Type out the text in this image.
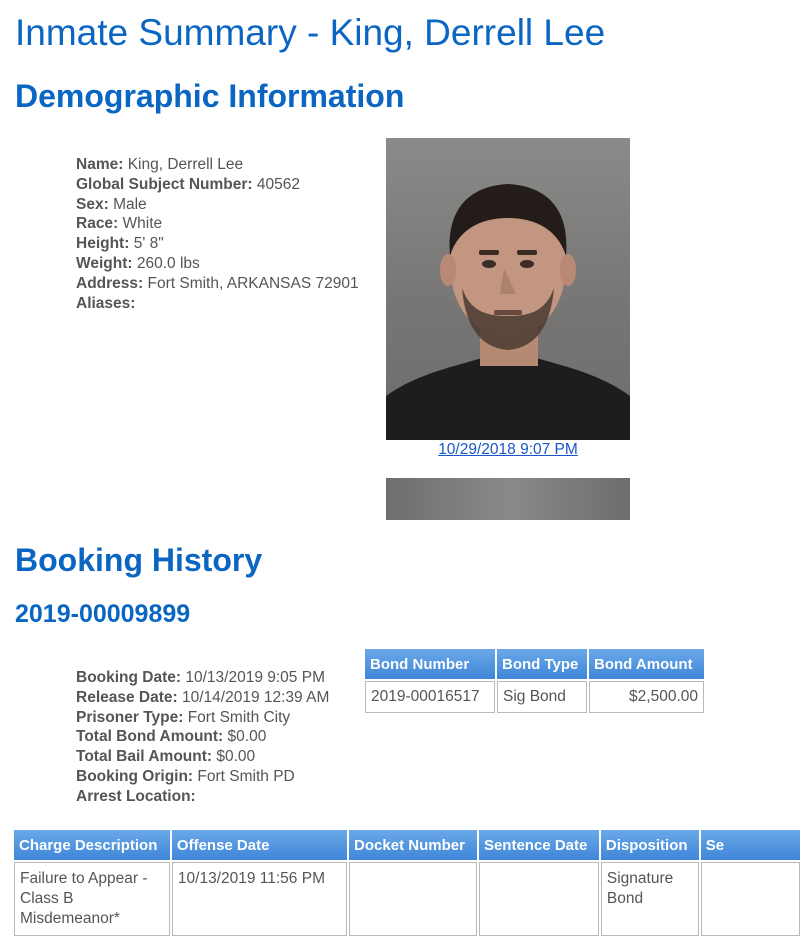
Inmate Summary - King, Derrell Lee
Demographic Information
Name: King, Derrell Lee
Global Subject Number: 40562
Sex: Male
Race: White
Height: 5' 8"
Weight: 260.0 lbs
Address: Fort Smith, ARKANSAS 72901
Aliases:
10/29/2018 9:07 PM
Booking History
2019-00009899
Booking Date: 10/13/2019 9:05 PM
Release Date: 10/14/2019 12:39 AM
Prisoner Type: Fort Smith City
Total Bond Amount: $0.00
Total Bail Amount: $0.00
Booking Origin: Fort Smith PD
Arrest Location:
Bond Number	Bond Type	Bond Amount
2019-00016517	Sig Bond	$2,500.00
Charge Description	Offense Date	Docket Number	Sentence Date	Disposition	Se
Failure to Appear - Class B Misdemeanor*	10/13/2019 11:56 PM			Signature Bond	
